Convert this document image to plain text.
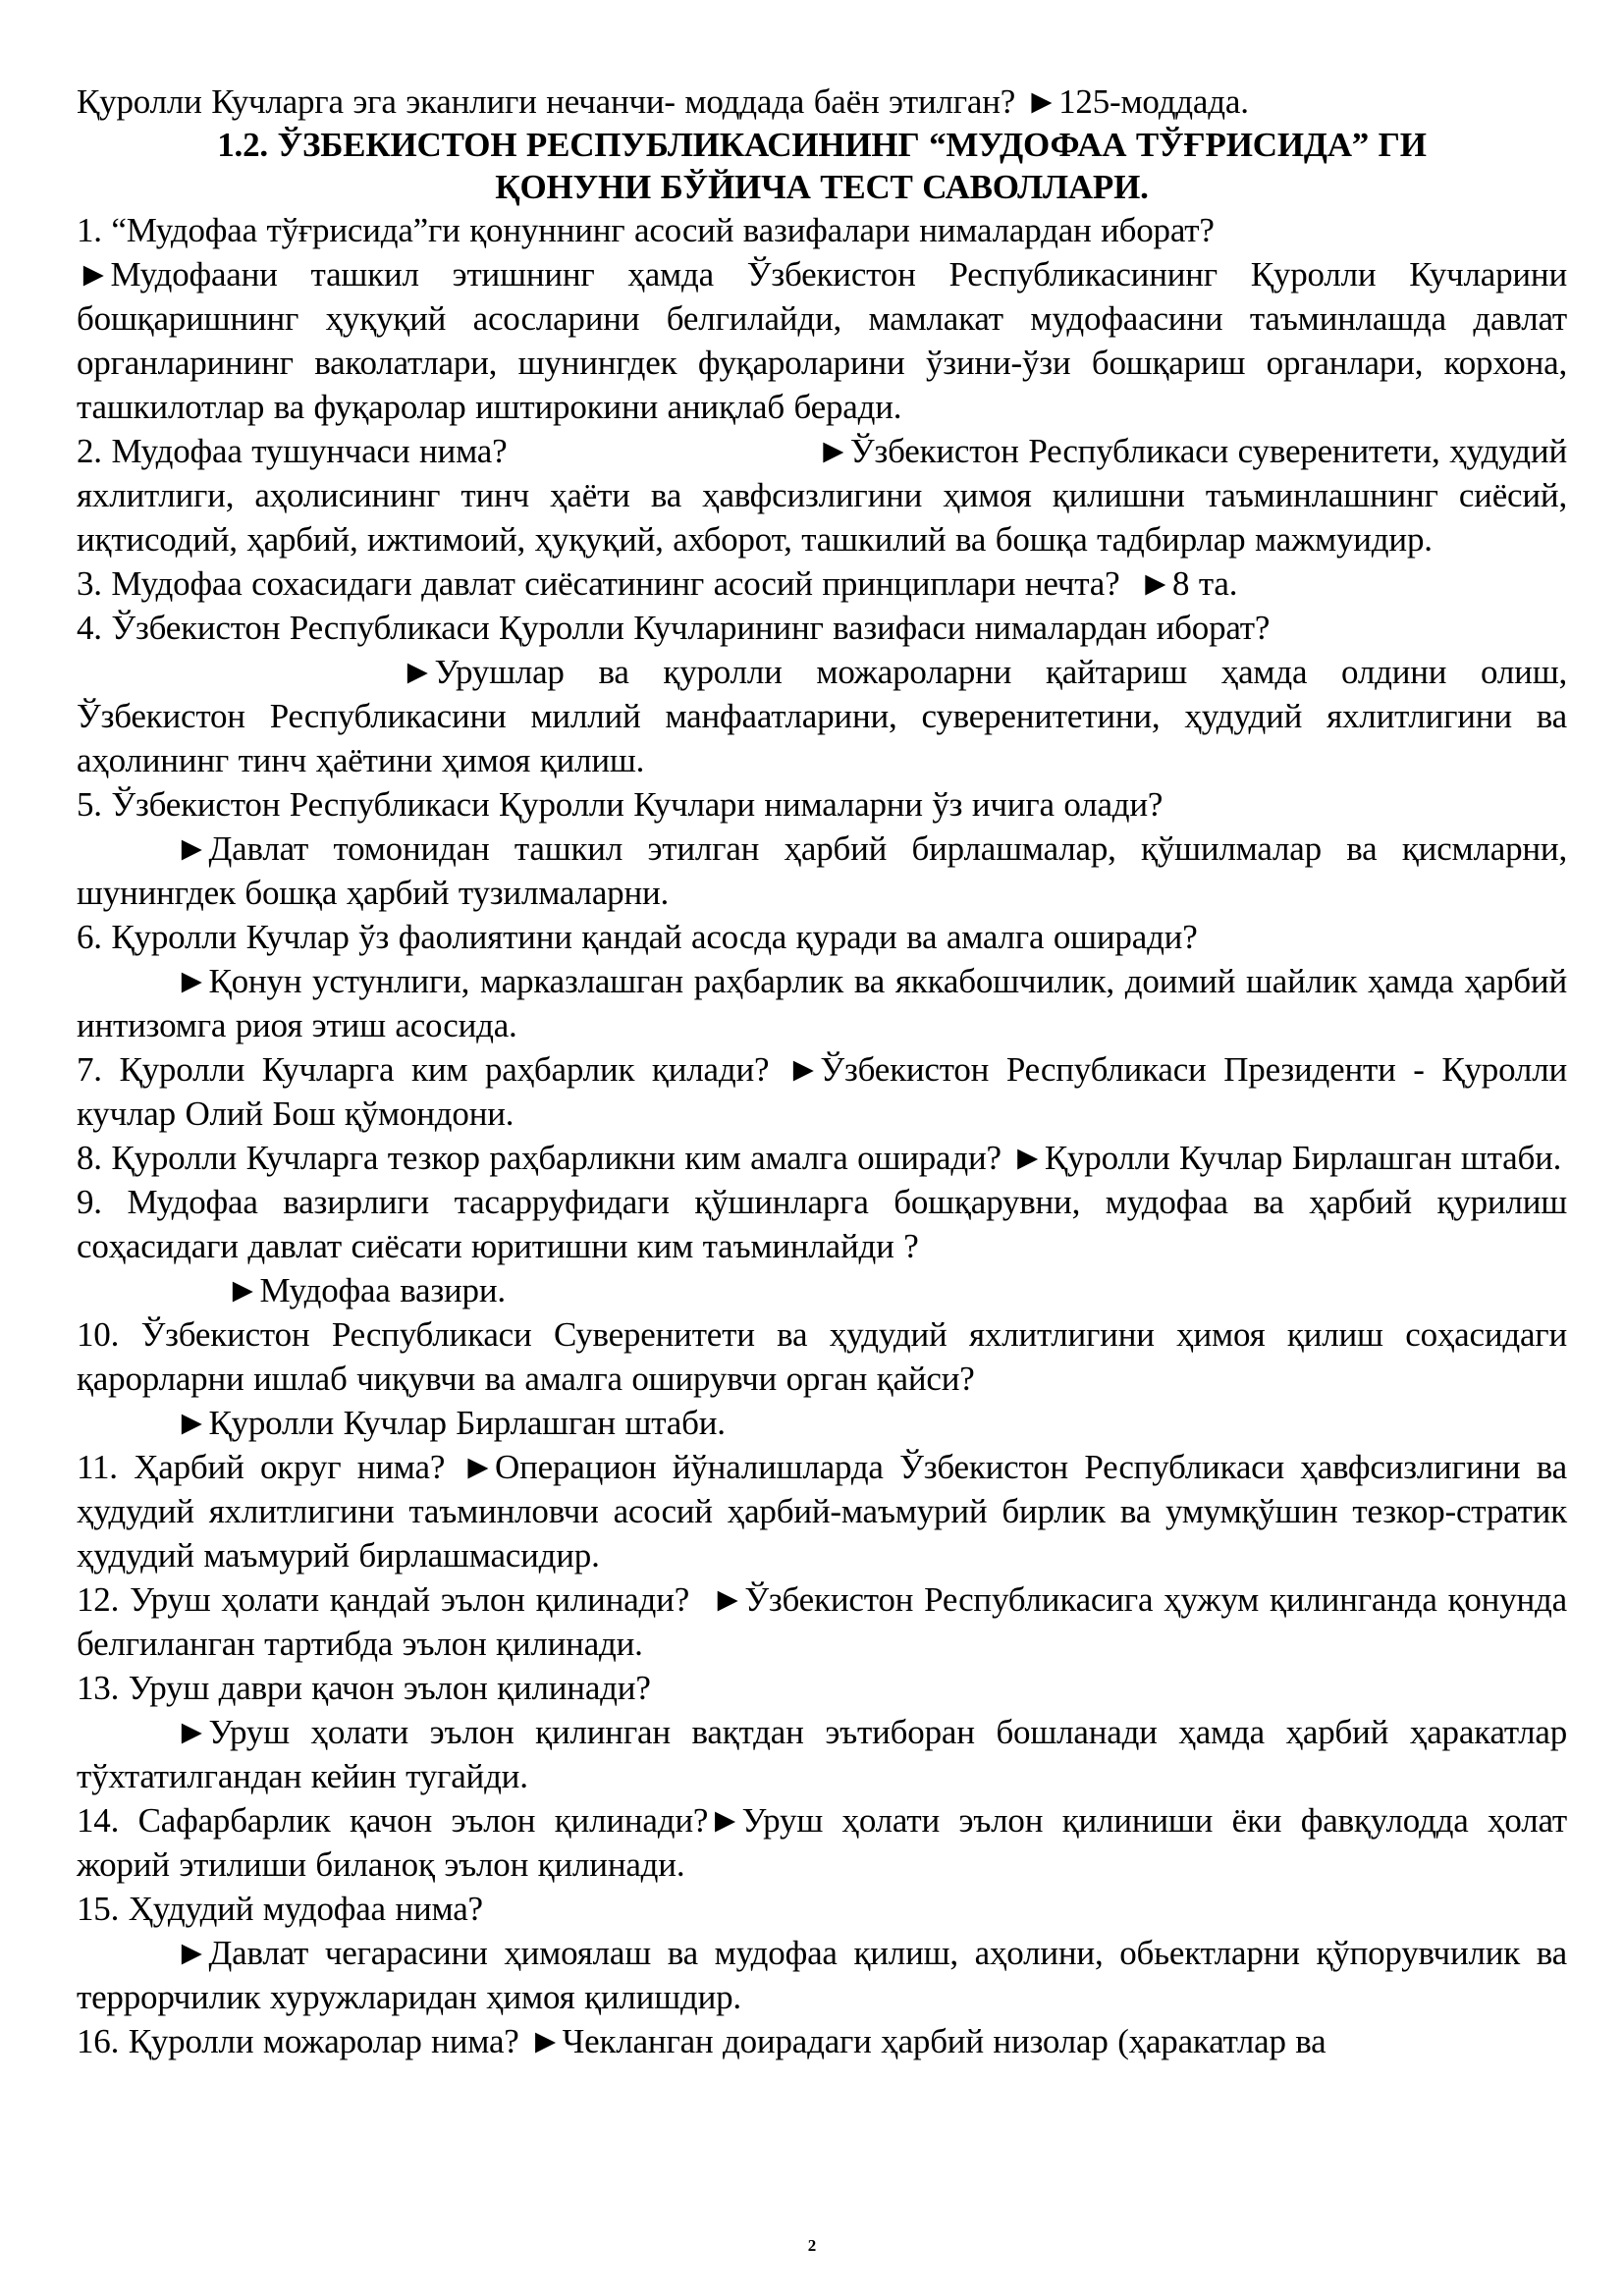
Қуролли Кучларга эга эканлиги нечанчи- моддада баён этилган? ►125-моддада.

1.2. ЎЗБЕКИСТОН РЕСПУБЛИКАСИНИНГ “МУДОФАА ТЎҒРИСИДА” ГИ
ҚОНУНИ БЎЙИЧА ТЕСТ САВОЛЛАРИ.

1. “Мудофаа тўғрисида”ги қонуннинг асосий вазифалари нималардан иборат?

►Мудофаани ташкил этишнинг ҳамда Ўзбекистон Республикасининг Қуролли Кучларини бошқаришнинг ҳуқуқий асосларини белгилайди, мамлакат мудофаасини таъминлашда давлат органларининг ваколатлари, шунингдек фуқароларини ўзини-ўзи бошқариш органлари, корхона, ташкилотлар ва фуқаролар иштирокини аниқлаб беради.

2. Мудофаа тушунчаси нима?	►Ўзбекистон Республикаси суверенитети, ҳудудий яхлитлиги, аҳолисининг тинч ҳаёти ва ҳавфсизлигини ҳимоя қилишни таъминлашнинг сиёсий, иқтисодий, ҳарбий, ижтимоий, ҳуқуқий, ахборот, ташкилий ва бошқа тадбирлар мажмуидир.

3. Мудофаа сохасидаги давлат сиёсатининг асосий принциплари нечта? ►8 та.

4. Ўзбекистон Республикаси Қуролли Кучларининг вазифаси нималардан иборат?

►Урушлар ва қуролли можароларни қайтариш ҳамда олдини олиш, Ўзбекистон Республикасини миллий манфаатларини, суверенитетини, ҳудудий яхлитлигини ва аҳолининг тинч ҳаётини ҳимоя қилиш.

5. Ўзбекистон Республикаси Қуролли Кучлари нималарни ўз ичига олади?

►Давлат томонидан ташкил этилган ҳарбий бирлашмалар, қўшилмалар ва қисмларни, шунингдек бошқа ҳарбий тузилмаларни.

6. Қуролли Кучлар ўз фаолиятини қандай асосда қуради ва амалга оширади?

►Қонун устунлиги, марказлашган раҳбарлик ва яккабошчилик, доимий шайлик ҳамда ҳарбий интизомга риоя этиш асосида.

7. Қуролли Кучларга ким раҳбарлик қилади? ►Ўзбекистон Республикаси Президенти - Қуролли кучлар Олий Бош қўмондони.

8. Қуролли Кучларга тезкор раҳбарликни ким амалга оширади? ►Қуролли Кучлар Бирлашган штаби.

9. Мудофаа вазирлиги тасарруфидаги қўшинларга бошқарувни, мудофаа ва ҳарбий қурилиш соҳасидаги давлат сиёсати юритишни ким таъминлайди ?

►Мудофаа вазири.

10. Ўзбекистон Республикаси Суверенитети ва ҳудудий яхлитлигини ҳимоя қилиш соҳасидаги қарорларни ишлаб чиқувчи ва амалга оширувчи орган қайси?

►Қуролли Кучлар Бирлашган штаби.

11. Ҳарбий округ нима? ►Операцион йўналишларда Ўзбекистон Республикаси ҳавфсизлигини ва ҳудудий яхлитлигини таъминловчи асосий ҳарбий-маъмурий бирлик ва умумқўшин тезкор-стратик ҳудудий маъмурий бирлашмасидир.

12. Уруш ҳолати қандай эълон қилинади? ►Ўзбекистон Республикасига ҳужум қилинганда қонунда белгиланган тартибда эълон қилинади.

13. Уруш даври қачон эълон қилинади?

►Уруш ҳолати эълон қилинган вақтдан эътиборан бошланади ҳамда ҳарбий ҳаракатлар тўхтатилгандан кейин тугайди.

14. Сафарбарлик қачон эълон қилинади?►Уруш ҳолати эълон қилиниши ёки фавқулодда ҳолат жорий этилиши биланоқ эълон қилинади.

15. Ҳудудий мудофаа нима?

►Давлат чегарасини ҳимоялаш ва мудофаа қилиш, аҳолини, обьектларни қўпорувчилик ва террорчилик хуружларидан ҳимоя қилишдир.

16. Қуролли можаролар нима? ►Чекланган доирадаги ҳарбий низолар (ҳаракатлар ва

2
